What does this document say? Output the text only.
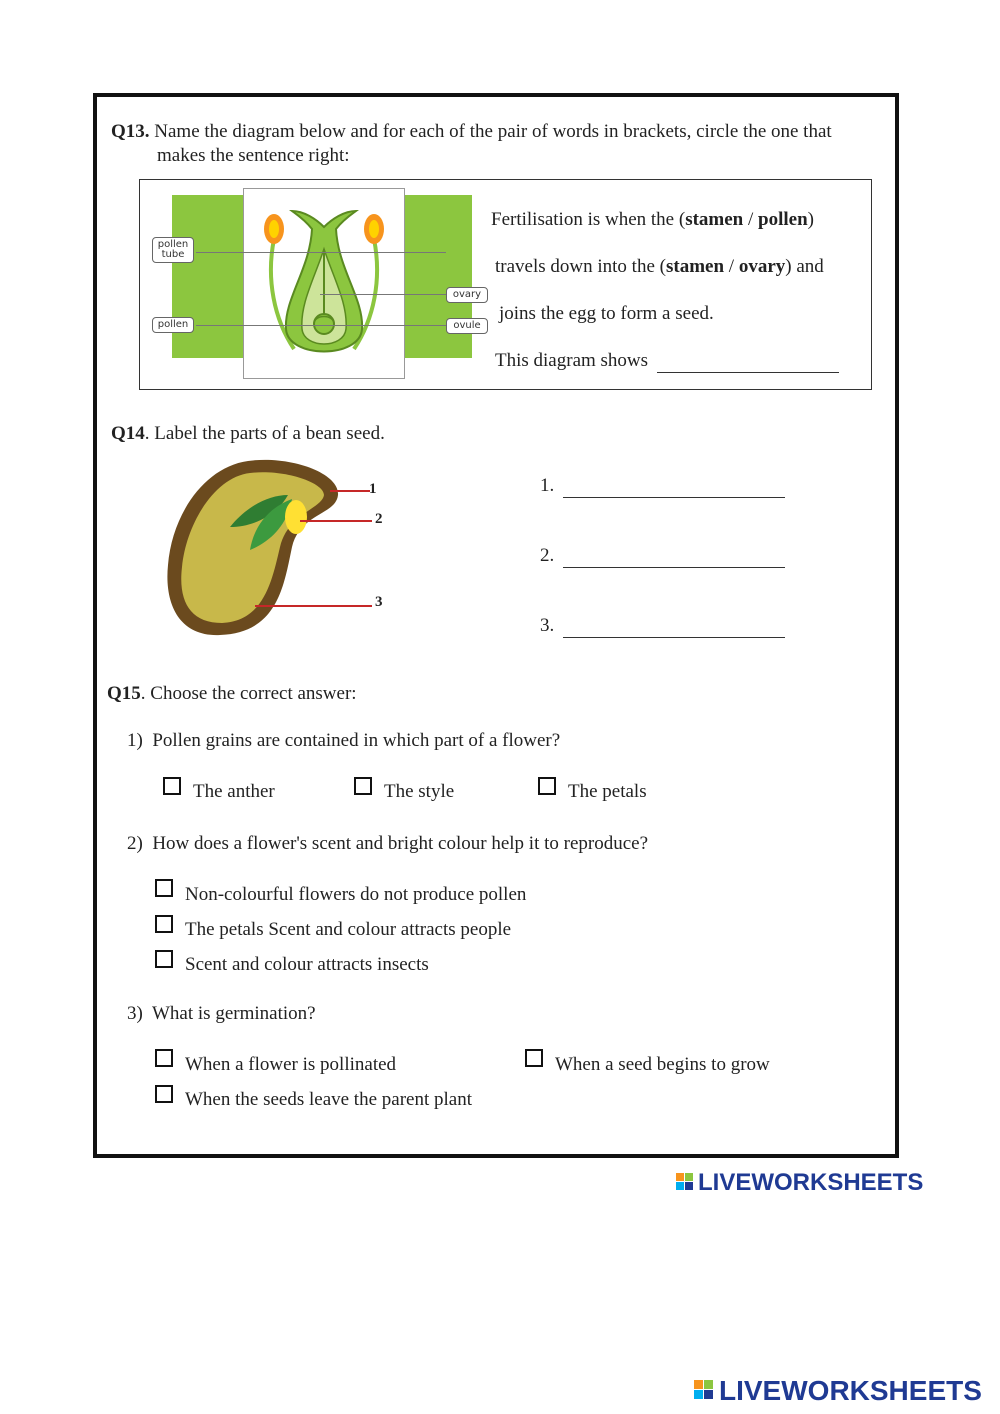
Q13. Name the diagram below and for each of the pair of words in brackets, circle the one that
makes the sentence right:
pollen tube
pollen
ovary
ovule
Fertilisation is when the (stamen / pollen)
travels down into the (stamen / ovary) and
joins the egg to form a seed.
This diagram shows
Q14. Label the parts of a bean seed.
1
2
3
1.
2.
3.
Q15. Choose the correct answer:
1) Pollen grains are contained in which part of a flower?
The anther	The style	The petals
2) How does a flower's scent and bright colour help it to reproduce?
Non-colourful flowers do not produce pollen
The petals Scent and colour attracts people
Scent and colour attracts insects
3) What is germination?
When a flower is pollinated	When a seed begins to grow
When the seeds leave the parent plant
LIVEWORKSHEETS
LIVEWORKSHEETS
